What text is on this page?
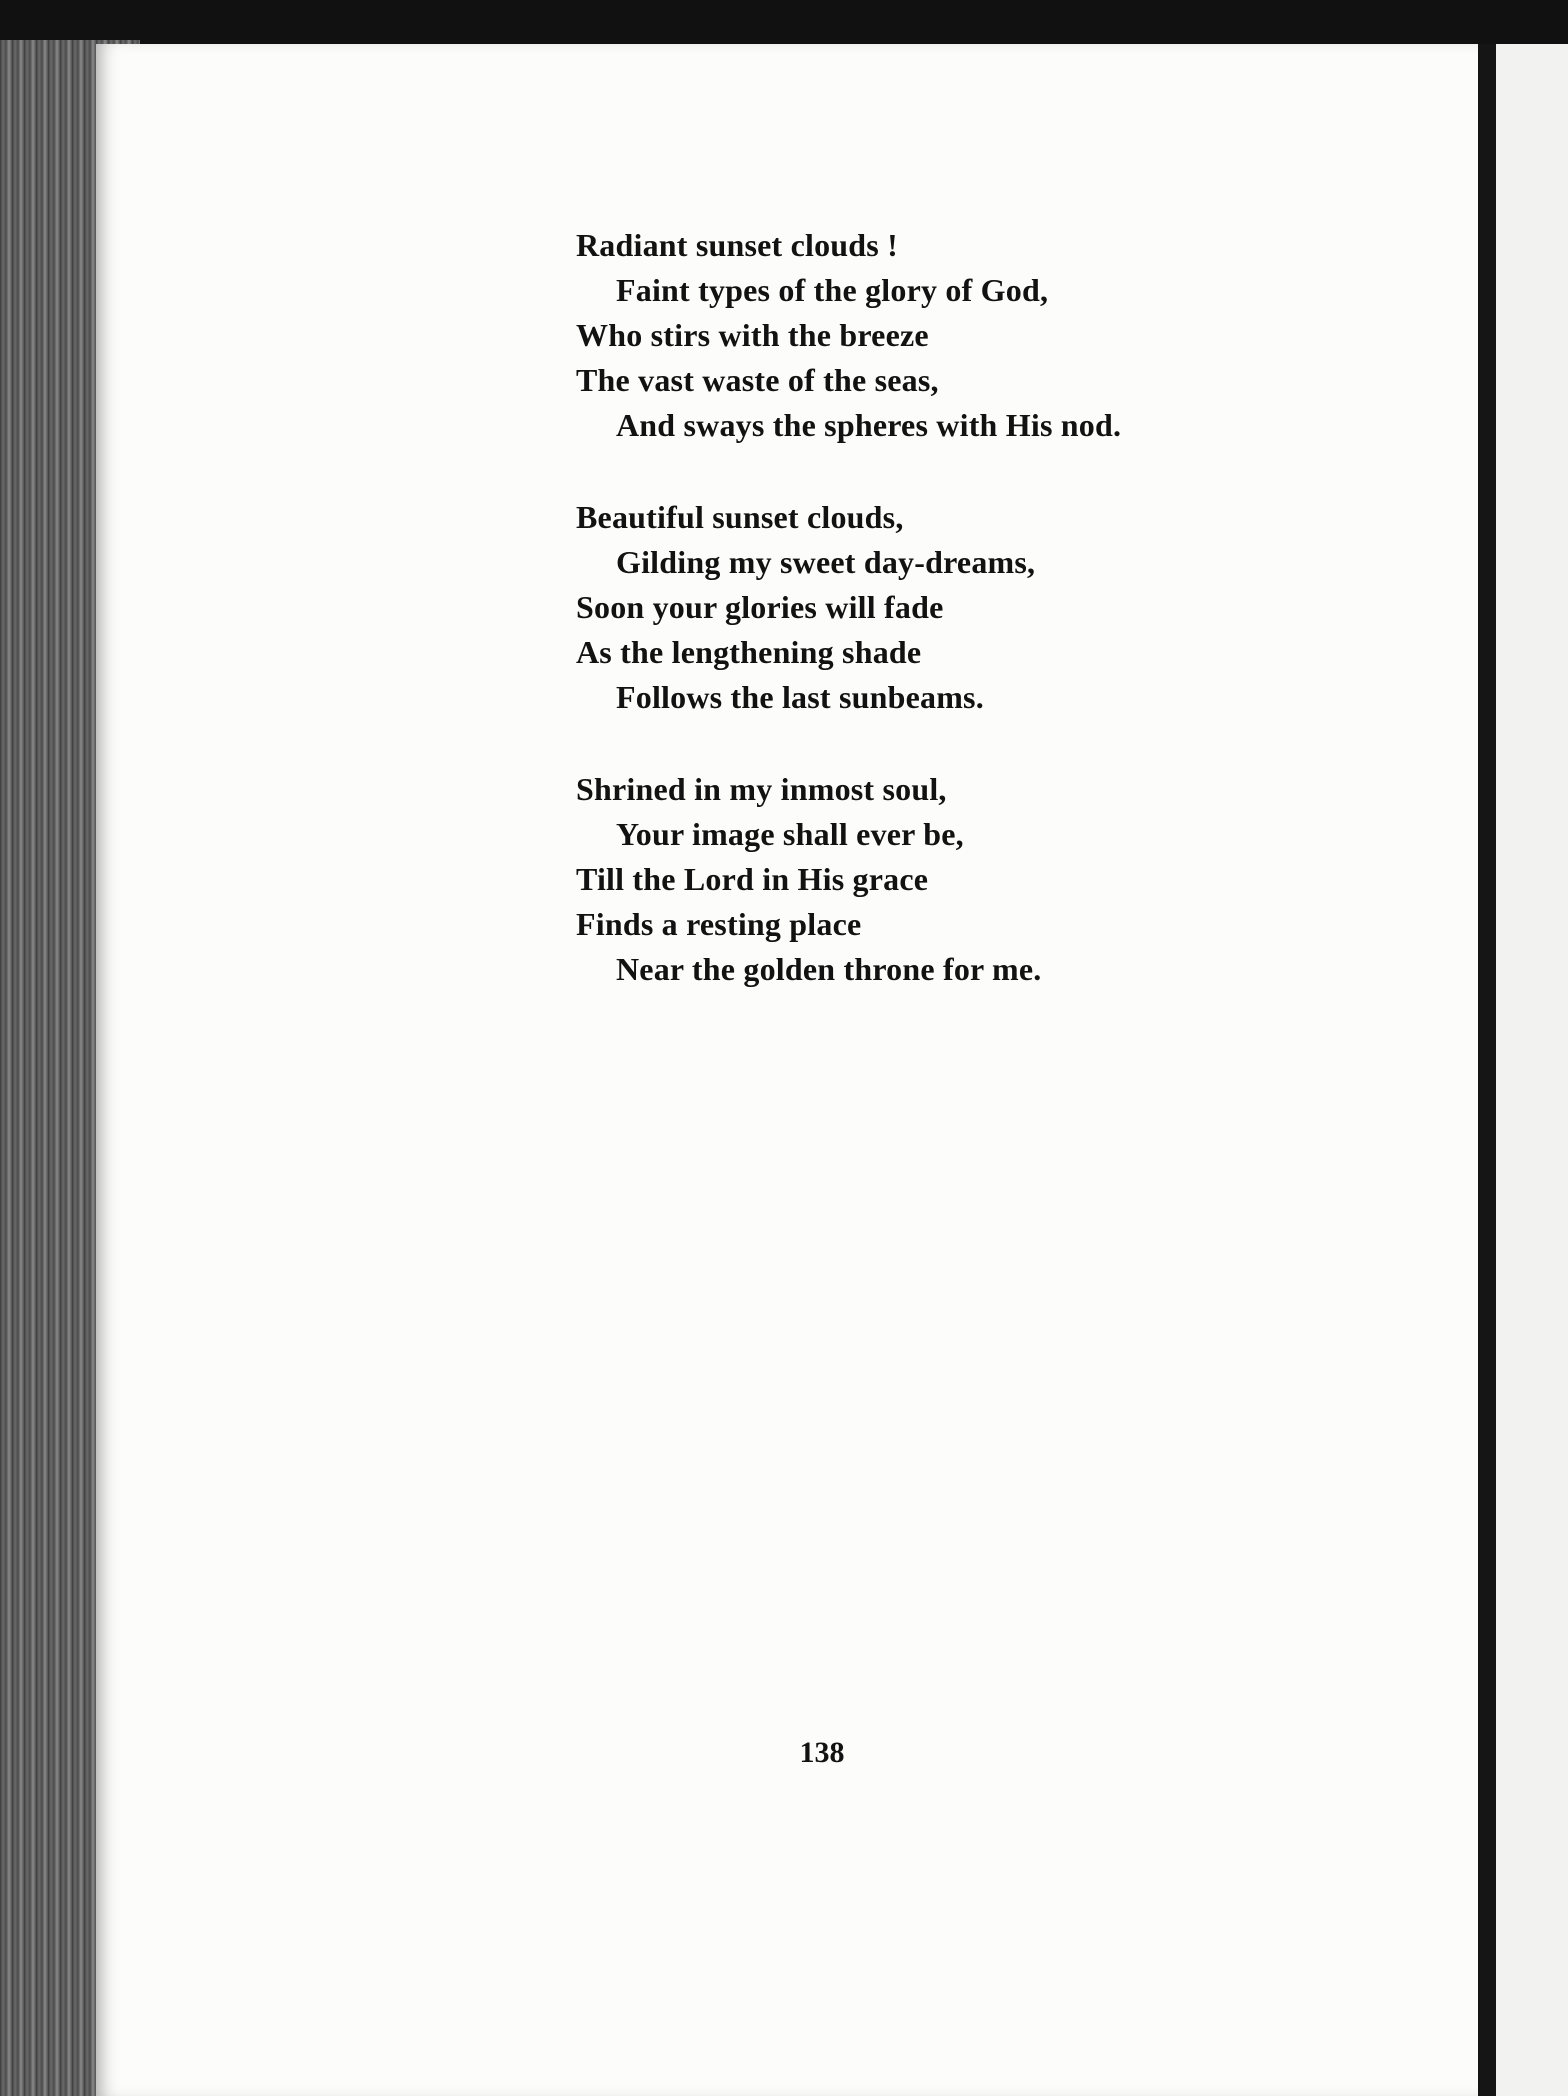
Radiant sunset clouds !
Faint types of the glory of God,
Who stirs with the breeze
The vast waste of the seas,
And sways the spheres with His nod.
Beautiful sunset clouds,
Gilding my sweet day-dreams,
Soon your glories will fade
As the lengthening shade
Follows the last sunbeams.
Shrined in my inmost soul,
Your image shall ever be,
Till the Lord in His grace
Finds a resting place
Near the golden throne for me.
138
